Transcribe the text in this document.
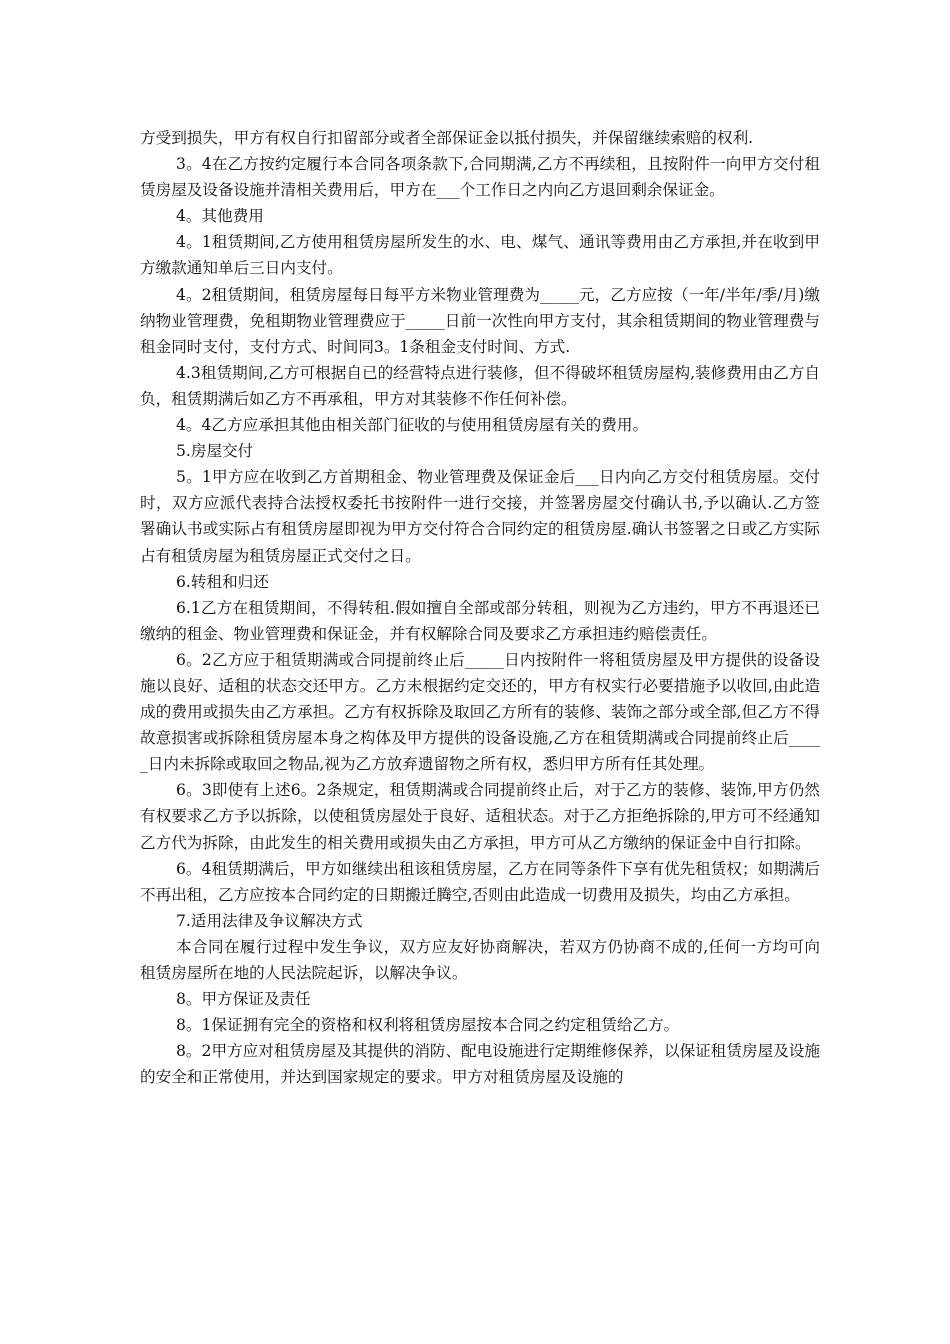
方受到损失，甲方有权自行扣留部分或者全部保证金以抵付损失，并保留继续索赔的权利.

3。4在乙方按约定履行本合同各项条款下,合同期满,乙方不再续租，且按附件一向甲方交付租赁房屋及设备设施并清相关费用后，甲方在___个工作日之内向乙方退回剩余保证金。

4。其他费用

4。1租赁期间,乙方使用租赁房屋所发生的水、电、煤气、通讯等费用由乙方承担,并在收到甲方缴款通知单后三日内支付。

4。2租赁期间，租赁房屋每日每平方米物业管理费为_____元，乙方应按（一年/半年/季/月)缴纳物业管理费，免租期物业管理费应于_____日前一次性向甲方支付，其余租赁期间的物业管理费与租金同时支付，支付方式、时间同3。1条租金支付时间、方式.

4.3租赁期间,乙方可根据自已的经营特点进行装修，但不得破坏租赁房屋构,装修费用由乙方自负，租赁期满后如乙方不再承租，甲方对其装修不作任何补偿。

4。4乙方应承担其他由相关部门征收的与使用租赁房屋有关的费用。

5.房屋交付

5。1甲方应在收到乙方首期租金、物业管理费及保证金后___日内向乙方交付租赁房屋。交付时，双方应派代表持合法授权委托书按附件一进行交接，并签署房屋交付确认书,予以确认.乙方签署确认书或实际占有租赁房屋即视为甲方交付符合合同约定的租赁房屋.确认书签署之日或乙方实际占有租赁房屋为租赁房屋正式交付之日。

6.转租和归还

6.1乙方在租赁期间，不得转租.假如擅自全部或部分转租，则视为乙方违约，甲方不再退还已缴纳的租金、物业管理费和保证金，并有权解除合同及要求乙方承担违约赔偿责任。

6。2乙方应于租赁期满或合同提前终止后_____日内按附件一将租赁房屋及甲方提供的设备设施以良好、适租的状态交还甲方。乙方未根据约定交还的，甲方有权实行必要措施予以收回,由此造成的费用或损失由乙方承担。乙方有权拆除及取回乙方所有的装修、装饰之部分或全部,但乙方不得故意损害或拆除租赁房屋本身之构体及甲方提供的设备设施,乙方在租赁期满或合同提前终止后_____日内未拆除或取回之物品,视为乙方放弃遗留物之所有权，悉归甲方所有任其处理。

6。3即使有上述6。2条规定，租赁期满或合同提前终止后，对于乙方的装修、装饰,甲方仍然有权要求乙方予以拆除，以使租赁房屋处于良好、适租状态。对于乙方拒绝拆除的,甲方可不经通知乙方代为拆除，由此发生的相关费用或损失由乙方承担，甲方可从乙方缴纳的保证金中自行扣除。

6。4租赁期满后，甲方如继续出租该租赁房屋，乙方在同等条件下享有优先租赁权；如期满后不再出租，乙方应按本合同约定的日期搬迁腾空,否则由此造成一切费用及损失，均由乙方承担。

7.适用法律及争议解决方式

本合同在履行过程中发生争议，双方应友好协商解决，若双方仍协商不成的,任何一方均可向租赁房屋所在地的人民法院起诉，以解决争议。

8。甲方保证及责任

8。1保证拥有完全的资格和权利将租赁房屋按本合同之约定租赁给乙方。

8。2甲方应对租赁房屋及其提供的消防、配电设施进行定期维修保养，以保证租赁房屋及设施的安全和正常使用，并达到国家规定的要求。甲方对租赁房屋及设施的
